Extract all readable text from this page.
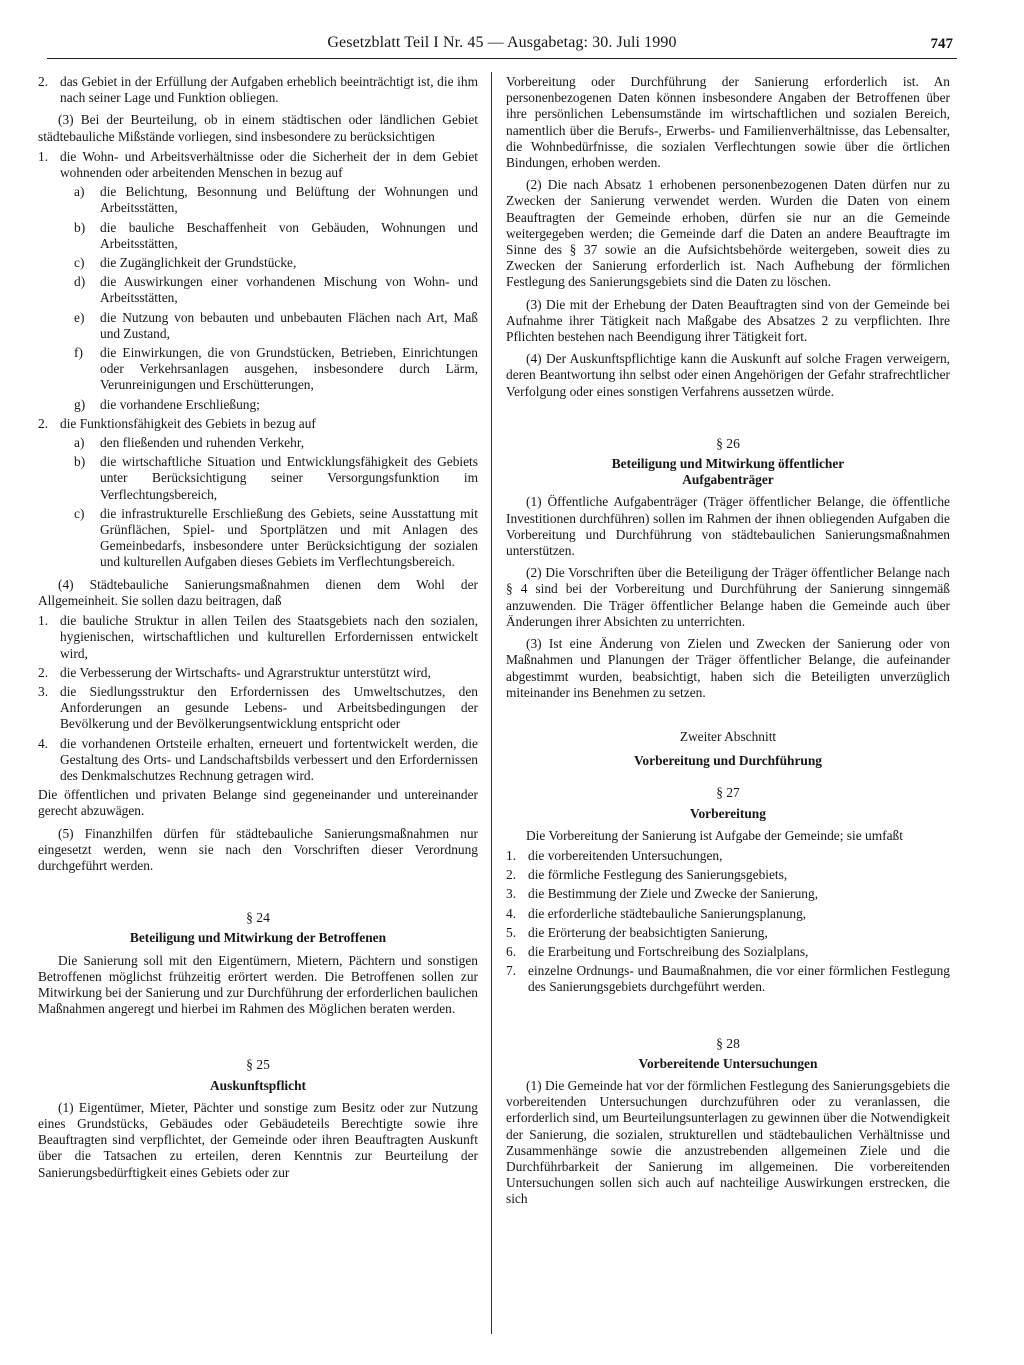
Gesetzblatt Teil I Nr. 45 — Ausgabetag: 30. Juli 1990	747
2. das Gebiet in der Erfüllung der Aufgaben erheblich beeinträchtigt ist, die ihm nach seiner Lage und Funktion obliegen.

(3) Bei der Beurteilung, ob in einem städtischen oder ländlichen Gebiet städtebauliche Mißstände vorliegen, sind insbesondere zu berücksichtigen

1. die Wohn- und Arbeitsverhältnisse oder die Sicherheit der in dem Gebiet wohnenden oder arbeitenden Menschen in bezug auf

a)	die Belichtung, Besonnung und Belüftung der Wohnungen und Arbeitsstätten,

b)	die bauliche Beschaffenheit von Gebäuden, Wohnungen und Arbeitsstätten,

c)	die Zugänglichkeit der Grundstücke,

d)	die Auswirkungen einer vorhandenen Mischung von Wohn- und Arbeitsstätten,

e)	die Nutzung von bebauten und unbebauten Flächen nach Art, Maß und Zustand,

f)	die Einwirkungen, die von Grundstücken, Betrieben, Einrichtungen oder Verkehrsanlagen ausgehen, insbesondere durch Lärm, Verunreinigungen und Erschütterungen,

g)	die vorhandene Erschließung;

2. die Funktionsfähigkeit des Gebiets in bezug auf

a)	den fließenden und ruhenden Verkehr,

b)	die wirtschaftliche Situation und Entwicklungsfähigkeit des Gebiets unter Berücksichtigung seiner Versorgungsfunktion im Verflechtungsbereich,

c)	die infrastrukturelle Erschließung des Gebiets, seine Ausstattung mit Grünflächen, Spiel- und Sportplätzen und mit Anlagen des Gemeinbedarfs, insbesondere unter Berücksichtigung der sozialen und kulturellen Aufgaben dieses Gebiets im Verflechtungsbereich.

(4) Städtebauliche Sanierungsmaßnahmen dienen dem Wohl der Allgemeinheit. Sie sollen dazu beitragen, daß

1. die bauliche Struktur in allen Teilen des Staatsgebiets nach den sozialen, hygienischen, wirtschaftlichen und kulturellen Erfordernissen entwickelt wird,

2. die Verbesserung der Wirtschafts- und Agrarstruktur unterstützt wird,

3. die Siedlungsstruktur den Erfordernissen des Umweltschutzes, den Anforderungen an gesunde Lebens- und Arbeitsbedingungen der Bevölkerung und der Bevölkerungsentwicklung entspricht oder

4. die vorhandenen Ortsteile erhalten, erneuert und fortentwickelt werden, die Gestaltung des Orts- und Landschaftsbilds verbessert und den Erfordernissen des Denkmalschutzes Rechnung getragen wird.

Die öffentlichen und privaten Belange sind gegeneinander und untereinander gerecht abzuwägen.

(5) Finanzhilfen dürfen für städtebauliche Sanierungsmaßnahmen nur eingesetzt werden, wenn sie nach den Vorschriften dieser Verordnung durchgeführt werden.

§ 24

Beteiligung und Mitwirkung der Betroffenen

Die Sanierung soll mit den Eigentümern, Mietern, Pächtern und sonstigen Betroffenen möglichst frühzeitig erörtert werden. Die Betroffenen sollen zur Mitwirkung bei der Sanierung und zur Durchführung der erforderlichen baulichen Maßnahmen angeregt und hierbei im Rahmen des Möglichen beraten werden.

§ 25

Auskunftspflicht

(1) Eigentümer, Mieter, Pächter und sonstige zum Besitz oder zur Nutzung eines Grundstücks, Gebäudes oder Gebäudeteils Berechtigte sowie ihre Beauftragten sind verpflichtet, der Gemeinde oder ihren Beauftragten Auskunft über die Tatsachen zu erteilen, deren Kenntnis zur Beurteilung der Sanierungsbedürftigkeit eines Gebiets oder zur

Vorbereitung oder Durchführung der Sanierung erforderlich ist. An personenbezogenen Daten können insbesondere Angaben der Betroffenen über ihre persönlichen Lebensumstände im wirtschaftlichen und sozialen Bereich, namentlich über die Berufs-, Erwerbs- und Familienverhältnisse, das Lebensalter, die Wohnbedürfnisse, die sozialen Verflechtungen sowie über die örtlichen Bindungen, erhoben werden.

(2) Die nach Absatz 1 erhobenen personenbezogenen Daten dürfen nur zu Zwecken der Sanierung verwendet werden. Wurden die Daten von einem Beauftragten der Gemeinde erhoben, dürfen sie nur an die Gemeinde weitergegeben werden; die Gemeinde darf die Daten an andere Beauftragte im Sinne des § 37 sowie an die Aufsichtsbehörde weitergeben, soweit dies zu Zwecken der Sanierung erforderlich ist. Nach Aufhebung der förmlichen Festlegung des Sanierungsgebiets sind die Daten zu löschen.

(3) Die mit der Erhebung der Daten Beauftragten sind von der Gemeinde bei Aufnahme ihrer Tätigkeit nach Maßgabe des Absatzes 2 zu verpflichten. Ihre Pflichten bestehen nach Beendigung ihrer Tätigkeit fort.

(4) Der Auskunftspflichtige kann die Auskunft auf solche Fragen verweigern, deren Beantwortung ihn selbst oder einen Angehörigen der Gefahr strafrechtlicher Verfolgung oder eines sonstigen Verfahrens aussetzen würde.

§ 26

Beteiligung und Mitwirkung öffentlicher

Aufgabenträger

(1) Öffentliche Aufgabenträger (Träger öffentlicher Belange, die öffentliche Investitionen durchführen) sollen im Rahmen der ihnen obliegenden Aufgaben die Vorbereitung und Durchführung von städtebaulichen Sanierungsmaßnahmen unterstützen.

(2) Die Vorschriften über die Beteiligung der Träger öffentlicher Belange nach § 4 sind bei der Vorbereitung und Durchführung der Sanierung sinngemäß anzuwenden. Die Träger öffentlicher Belange haben die Gemeinde auch über Änderungen ihrer Absichten zu unterrichten.

(3) Ist eine Änderung von Zielen und Zwecken der Sanierung oder von Maßnahmen und Planungen der Träger öffentlicher Belange, die aufeinander abgestimmt wurden, beabsichtigt, haben sich die Beteiligten unverzüglich miteinander ins Benehmen zu setzen.

Zweiter Abschnitt

Vorbereitung und Durchführung

§ 27

Vorbereitung

Die Vorbereitung der Sanierung ist Aufgabe der Gemeinde; sie umfaßt

1. die vorbereitenden Untersuchungen,

2. die förmliche Festlegung des Sanierungsgebiets,

3. die Bestimmung der Ziele und Zwecke der Sanierung,

4. die erforderliche städtebauliche Sanierungsplanung,

5. die Erörterung der beabsichtigten Sanierung,

6. die Erarbeitung und Fortschreibung des Sozialplans,

7. einzelne Ordnungs- und Baumaßnahmen, die vor einer förmlichen Festlegung des Sanierungsgebiets durchgeführt werden.

§ 28

Vorbereitende Untersuchungen

(1) Die Gemeinde hat vor der förmlichen Festlegung des Sanierungsgebiets die vorbereitenden Untersuchungen durchzuführen oder zu veranlassen, die erforderlich sind, um Beurteilungsunterlagen zu gewinnen über die Notwendigkeit der Sanierung, die sozialen, strukturellen und städtebaulichen Verhältnisse und Zusammenhänge sowie die anzustrebenden allgemeinen Ziele und die Durchführbarkeit der Sanierung im allgemeinen. Die vorbereitenden Untersuchungen sollen sich auch auf nachteilige Auswirkungen erstrecken, die sich
